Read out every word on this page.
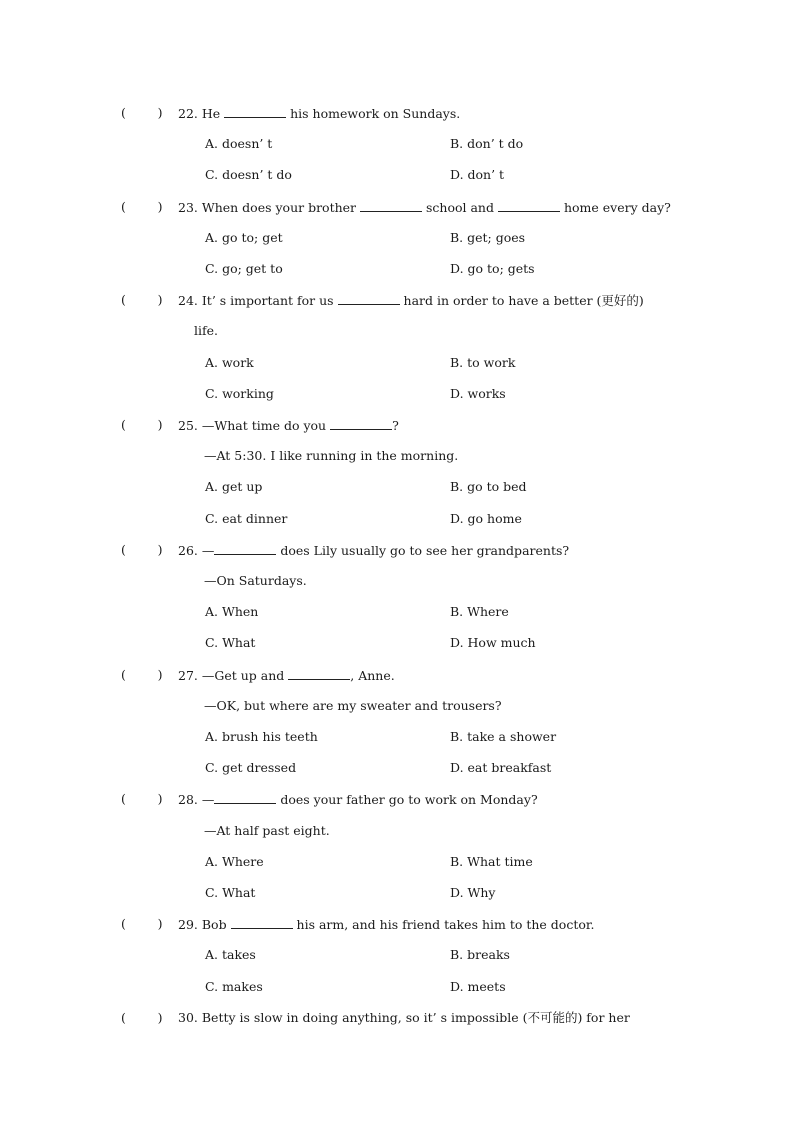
(        ) 22. He	his homework on Sundays.
A. doesn’ t	B. don’ t do
C. doesn’ t do	D. don’ t
(        ) 23. When does your brother	school and	home every day?
A. go to; get	B. get; goes
C. go; get to	D. go to; gets
(        ) 24. It’ s important for us	hard in order to have a better (更好的)
life.
A. work	B. to work
C. working	D. works
(        ) 25. —What time do you	?
—At 5:30. I like running in the morning.
A. get up	B. go to bed
C. eat dinner	D. go home
(        ) 26. —	does Lily usually go to see her grandparents?
—On Saturdays.
A. When	B. Where
C. What	D. How much
(        ) 27. —Get up and	, Anne.
—OK, but where are my sweater and trousers?
A. brush his teeth	B. take a shower
C. get dressed	D. eat breakfast
(        ) 28. —	does your father go to work on Monday?
—At half past eight.
A. Where	B. What time
C. What	D. Why
(        ) 29. Bob	his arm, and his friend takes him to the doctor.
A. takes	B. breaks
C. makes	D. meets
(        ) 30. Betty is slow in doing anything, so it’ s impossible (不可能的) for her
